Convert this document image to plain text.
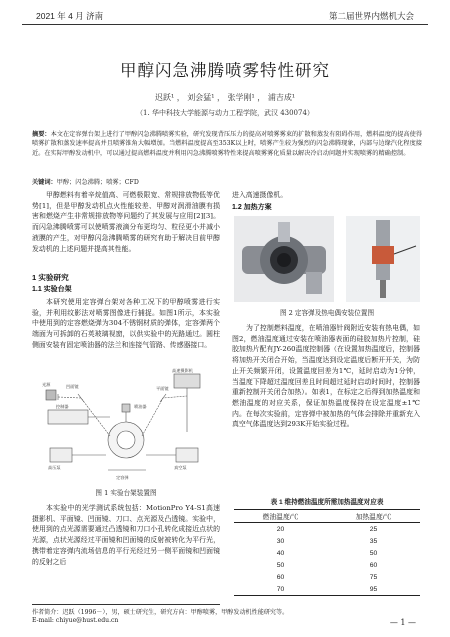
2021 年 4 月 济南	第二届世界内燃机大会
甲醇闪急沸腾喷雾特性研究
迟跃¹ ， 刘会猛¹ ， 张学刚¹ ， 浦吉成¹
（1. 华中科技大学能源与动力工程学院，武汉 430074）
摘要：本文在定容弹台架上进行了甲醇闪急沸腾喷雾实验，研究发现背压压力的提高对喷雾雾束的扩散和蒸发有阻碍作用，燃料温度的提高使得喷雾扩散和蒸发速率提高并且喷雾锥角大幅增加。当燃料温度提高至353K以上时，喷雾产生较为强烈的闪急沸腾现象，内部与边缘汽化程度接近。在实际甲醇发动机中，可以通过提高燃料温度并利用闪急沸腾喷雾特性来提高喷雾雾化质量以解决冷启动问题并实现喷雾的精确控制。
关键词：甲醇；闪急沸腾；喷雾；CFD
甲醇燃料有着辛烷值高、可燃极限宽、常规排放物低等优势[1]，但是甲醇发动机点火性能较差、甲醇对润滑油膜有损害和燃烧产生非常规排放物等问题约了其发展与应用[2][3]。而闪急沸腾喷雾可以使喷雾液滴分布更均匀、粒径更小并减小液膜的产生，对甲醇闪急沸腾喷雾的研究有助于解决目前甲醇发动机的上述问题并提高其性能。
1 实验研究
1.1 实验台架
本研究使用定容弹台架对各种工况下的甲醇喷雾进行实验，并利用纹影法对喷雾图像进行捕捉。如图1所示，本实验中使用到的定容燃烧弹为304不锈钢材质的弹体，定容弹两个端面为可拆卸的石英玻璃视窗，以供实验中的光路通过。圆柱侧面安装有固定喷油器的法兰和连接气管路、传感器接口。
高速摄影机
高压泵
控制器	喷油器
凹面镜	平面镜
光源
真空泵
定容弹
图 1 实验台架装置图
本实验中的光学测试系统包括：MotionPro Y4-S1高速摄影机、平面镜、凹面镜、刀口、点光源及凸透镜。实验中，使用到的点光源需要通过凸透镜和刀口小孔转化成接近点状的光源，点状光源经过平面镜和凹面镜的反射被转化为平行光，携带着定容弹内流场信息的平行光经过另一侧平面镜和凹面镜的反射之后
进入高速摄像机。
1.2 加热方案
图 2 定容弹及热电偶安装位置图
为了控制燃料温度，在喷油器针阀附近安装有热电偶，如图2，燃油温度通过安装在喷油器表面的硅胶加热片控制，硅胶加热片配有JY-260温度控制器（在设置加热温度后，控制器将加热开关闭合开始，当温度达到设定温度后断开开关，为防止开关频繁开闭，设置温度回差为1℃，延时启动为1分钟，当温度下降超过温度回差且时间超过延时启动时间时，控制器重新控制开关闭合加热）。如表1，在标定之后得到加热温度和燃油温度的对应关系，保证加热温度保持在设定温度±1℃内。在每次实验前，定容弹中被加热的气体会排除并重新充入真空气体温度达到293K开始实验过程。
表 1 维持燃油温度所需加热温度对应表
燃油温度/℃	加热温度/℃
20	25
30	35
40	50
50	60
60	75
70	95
作者简介：迟跃（1996－），男，硕士研究生，研究方向：甲醇喷雾，甲醇发动机性能研究等。
E-mail: chiyue@hust.edu.cn	— 1 —
